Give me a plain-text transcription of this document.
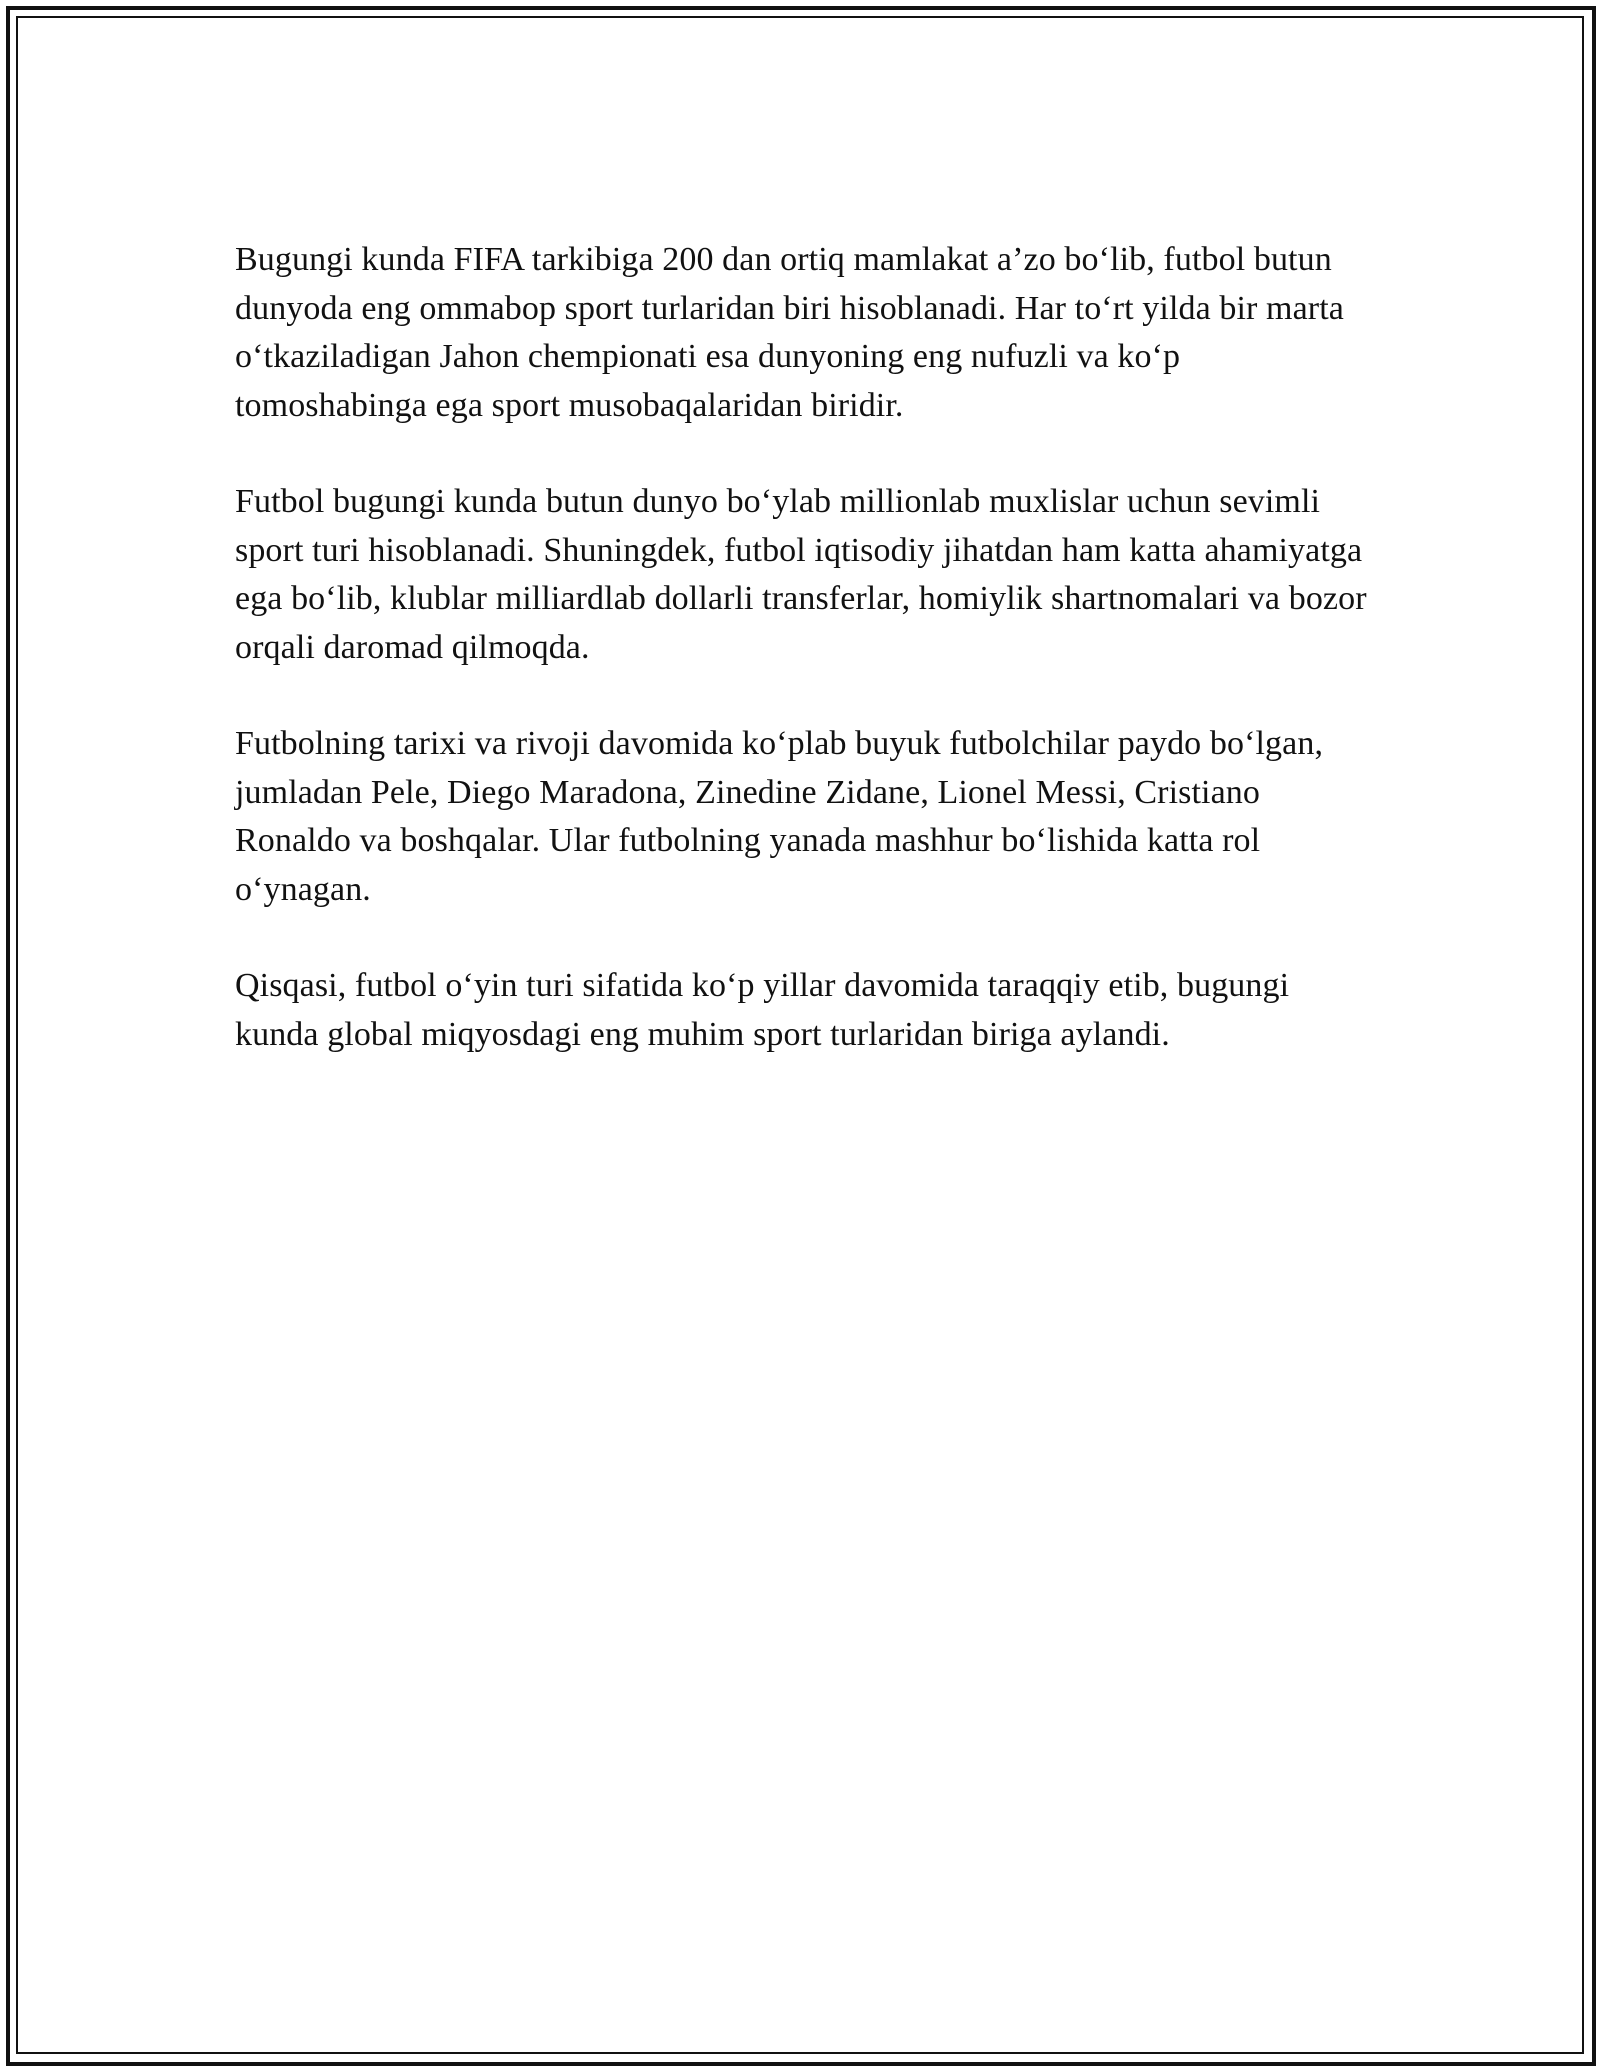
Bugungi kunda FIFA tarkibiga 200 dan ortiq mamlakat a’zo bo‘lib, futbol butun dunyoda eng ommabop sport turlaridan biri hisoblanadi. Har to‘rt yilda bir marta o‘tkaziladigan Jahon chempionati esa dunyoning eng nufuzli va ko‘p tomoshabinga ega sport musobaqalaridan biridir.

Futbol bugungi kunda butun dunyo bo‘ylab millionlab muxlislar uchun sevimli sport turi hisoblanadi. Shuningdek, futbol iqtisodiy jihatdan ham katta ahamiyatga ega bo‘lib, klublar milliardlab dollarli transferlar, homiylik shartnomalari va bozor orqali daromad qilmoqda.

Futbolning tarixi va rivoji davomida ko‘plab buyuk futbolchilar paydo bo‘lgan, jumladan Pele, Diego Maradona, Zinedine Zidane, Lionel Messi, Cristiano Ronaldo va boshqalar. Ular futbolning yanada mashhur bo‘lishida katta rol o‘ynagan.

Qisqasi, futbol o‘yin turi sifatida ko‘p yillar davomida taraqqiy etib, bugungi kunda global miqyosdagi eng muhim sport turlaridan biriga aylandi.
